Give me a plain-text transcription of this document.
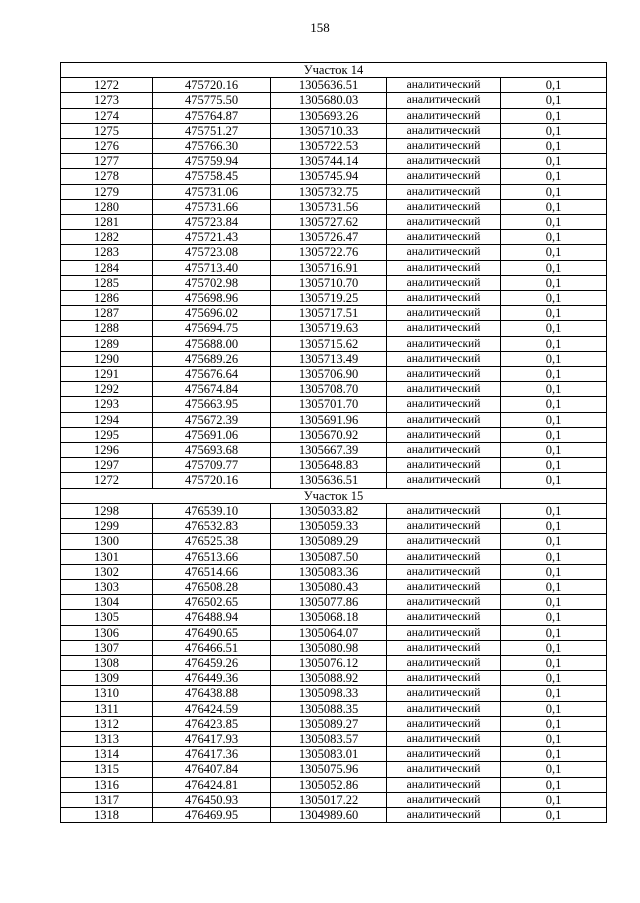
158
Участок 14				
1272	475720.16	1305636.51	аналитический	0,1
1273	475775.50	1305680.03	аналитический	0,1
1274	475764.87	1305693.26	аналитический	0,1
1275	475751.27	1305710.33	аналитический	0,1
1276	475766.30	1305722.53	аналитический	0,1
1277	475759.94	1305744.14	аналитический	0,1
1278	475758.45	1305745.94	аналитический	0,1
1279	475731.06	1305732.75	аналитический	0,1
1280	475731.66	1305731.56	аналитический	0,1
1281	475723.84	1305727.62	аналитический	0,1
1282	475721.43	1305726.47	аналитический	0,1
1283	475723.08	1305722.76	аналитический	0,1
1284	475713.40	1305716.91	аналитический	0,1
1285	475702.98	1305710.70	аналитический	0,1
1286	475698.96	1305719.25	аналитический	0,1
1287	475696.02	1305717.51	аналитический	0,1
1288	475694.75	1305719.63	аналитический	0,1
1289	475688.00	1305715.62	аналитический	0,1
1290	475689.26	1305713.49	аналитический	0,1
1291	475676.64	1305706.90	аналитический	0,1
1292	475674.84	1305708.70	аналитический	0,1
1293	475663.95	1305701.70	аналитический	0,1
1294	475672.39	1305691.96	аналитический	0,1
1295	475691.06	1305670.92	аналитический	0,1
1296	475693.68	1305667.39	аналитический	0,1
1297	475709.77	1305648.83	аналитический	0,1
1272	475720.16	1305636.51	аналитический	0,1
Участок 15				
1298	476539.10	1305033.82	аналитический	0,1
1299	476532.83	1305059.33	аналитический	0,1
1300	476525.38	1305089.29	аналитический	0,1
1301	476513.66	1305087.50	аналитический	0,1
1302	476514.66	1305083.36	аналитический	0,1
1303	476508.28	1305080.43	аналитический	0,1
1304	476502.65	1305077.86	аналитический	0,1
1305	476488.94	1305068.18	аналитический	0,1
1306	476490.65	1305064.07	аналитический	0,1
1307	476466.51	1305080.98	аналитический	0,1
1308	476459.26	1305076.12	аналитический	0,1
1309	476449.36	1305088.92	аналитический	0,1
1310	476438.88	1305098.33	аналитический	0,1
1311	476424.59	1305088.35	аналитический	0,1
1312	476423.85	1305089.27	аналитический	0,1
1313	476417.93	1305083.57	аналитический	0,1
1314	476417.36	1305083.01	аналитический	0,1
1315	476407.84	1305075.96	аналитический	0,1
1316	476424.81	1305052.86	аналитический	0,1
1317	476450.93	1305017.22	аналитический	0,1
1318	476469.95	1304989.60	аналитический	0,1
